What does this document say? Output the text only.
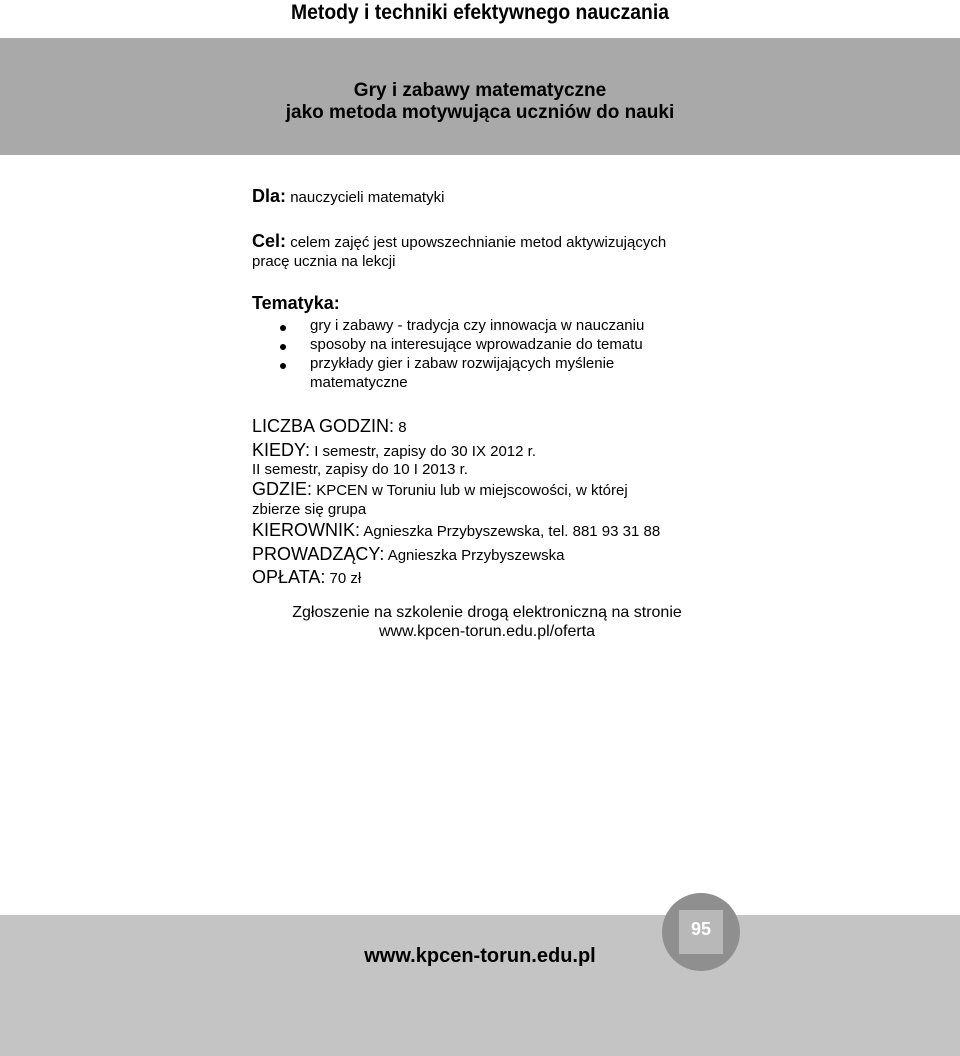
Metody i techniki efektywnego nauczania
Gry i zabawy matematyczne
jako metoda motywująca uczniów do nauki
Dla: nauczycieli matematyki
Cel: celem zajęć jest upowszechnianie metod aktywizujących
pracę ucznia na lekcji
Tematyka:
gry i zabawy - tradycja czy innowacja w nauczaniu
sposoby na interesujące wprowadzanie do tematu
przykłady gier i zabaw rozwijających myślenie
matematyczne
LICZBA GODZIN: 8
KIEDY: I semestr, zapisy do 30 IX 2012 r.
II semestr, zapisy do 10 I 2013 r.
GDZIE: KPCEN w Toruniu lub w miejscowości, w której
zbierze się grupa
KIEROWNIK: Agnieszka Przybyszewska, tel. 881 93 31 88
PROWADZĄCY: Agnieszka Przybyszewska
OPŁATA: 70 zł
Zgłoszenie na szkolenie drogą elektroniczną na stronie
www.kpcen-torun.edu.pl/oferta
www.kpcen-torun.edu.pl
95
